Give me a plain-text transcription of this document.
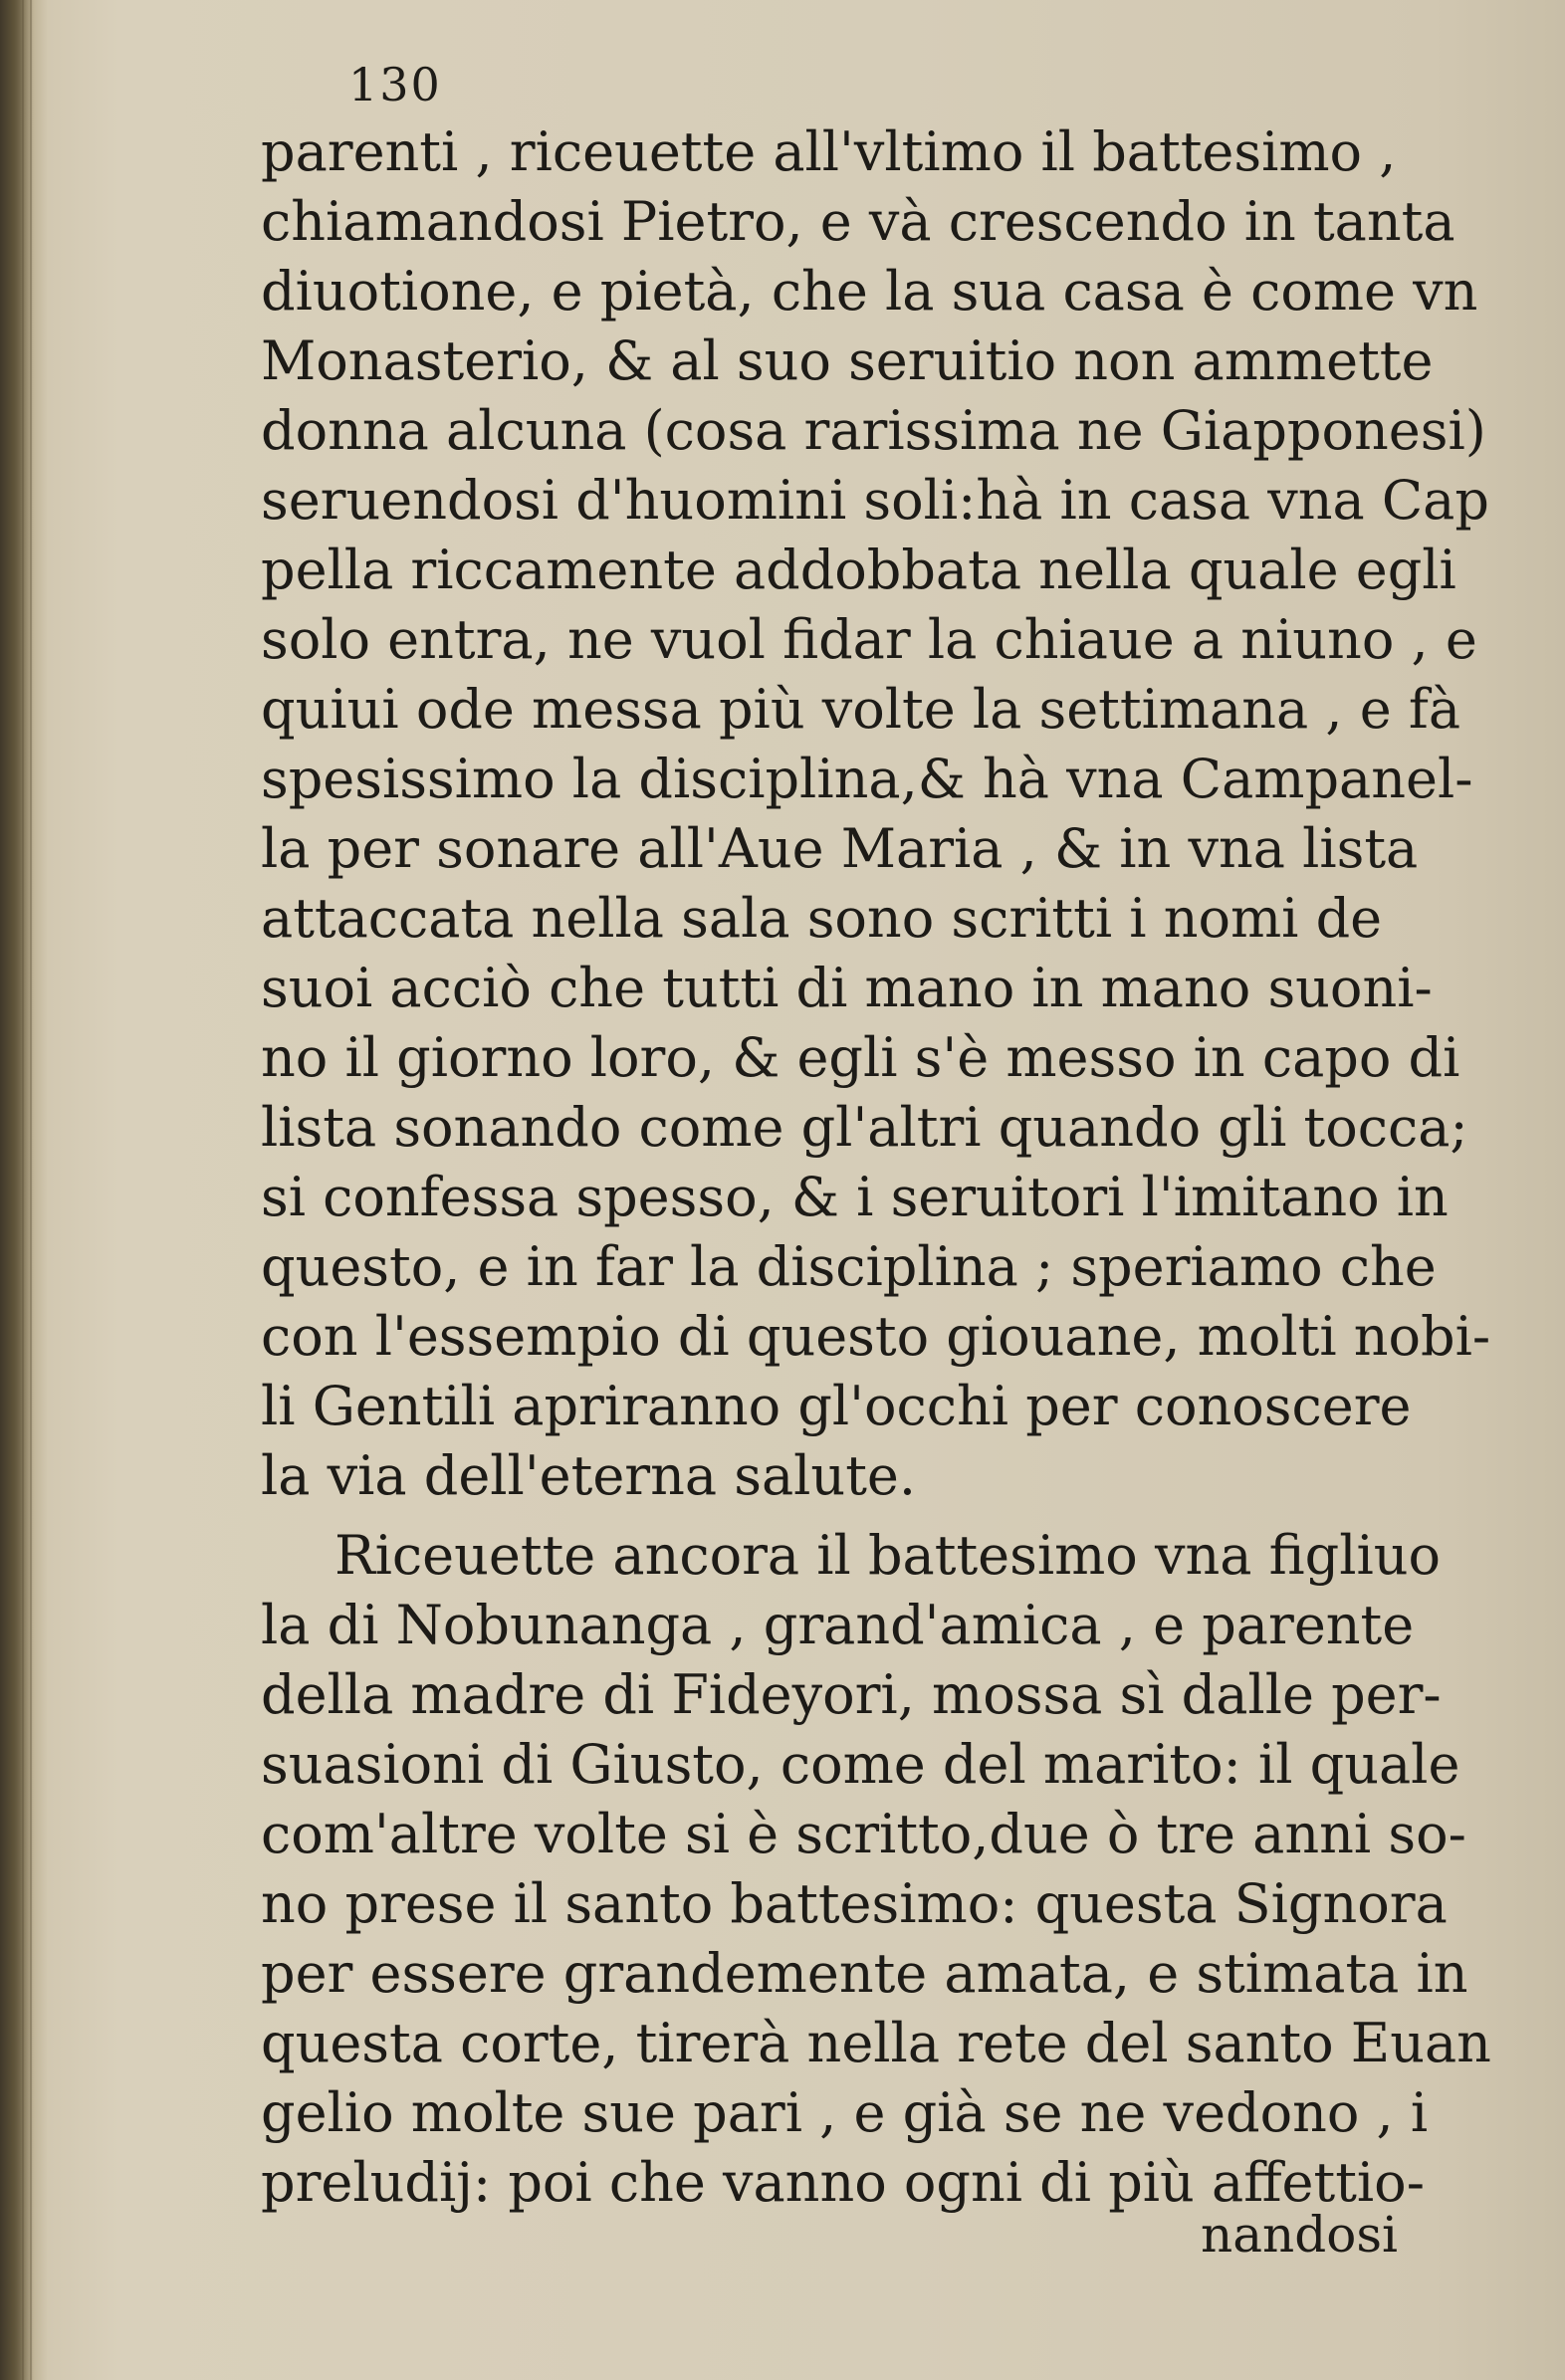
130
parenti , riceuette all'vltimo il battesimo ,
chiamandosi Pietro, e và crescendo in tanta
diuotione, e pietà, che la sua casa è come vn
Monasterio, & al suo seruitio non ammette
donna alcuna (cosa rarissima ne Giapponesi)
seruendosi d'huomini soli:hà in casa vna Cap
pella riccamente addobbata nella quale egli
solo entra, ne vuol fidar la chiaue a niuno , e
quiui ode messa più volte la settimana , e fà
spesissimo la disciplina,& hà vna Campanel-
la per sonare all'Aue Maria , & in vna lista
attaccata nella sala sono scritti i nomi de
suoi acciò che tutti di mano in mano suoni-
no il giorno loro, & egli s'è messo in capo di
lista sonando come gl'altri quando gli tocca;
si confessa spesso, & i seruitori l'imitano in
questo, e in far la disciplina ; speriamo che
con l'essempio di questo giouane, molti nobi-
li Gentili apriranno gl'occhi per conoscere
la via dell'eterna salute.
Riceuette ancora il battesimo vna figliuo
la di Nobunanga , grand'amica , e parente
della madre di Fideyori, mossa sì dalle per-
suasioni di Giusto, come del marito: il quale
com'altre volte si è scritto,due ò tre anni so-
no prese il santo battesimo: questa Signora
per essere grandemente amata, e stimata in
questa corte, tirerà nella rete del santo Euan
gelio molte sue pari , e già se ne vedono , i
preludij: poi che vanno ogni di più affettio-
nandosi
